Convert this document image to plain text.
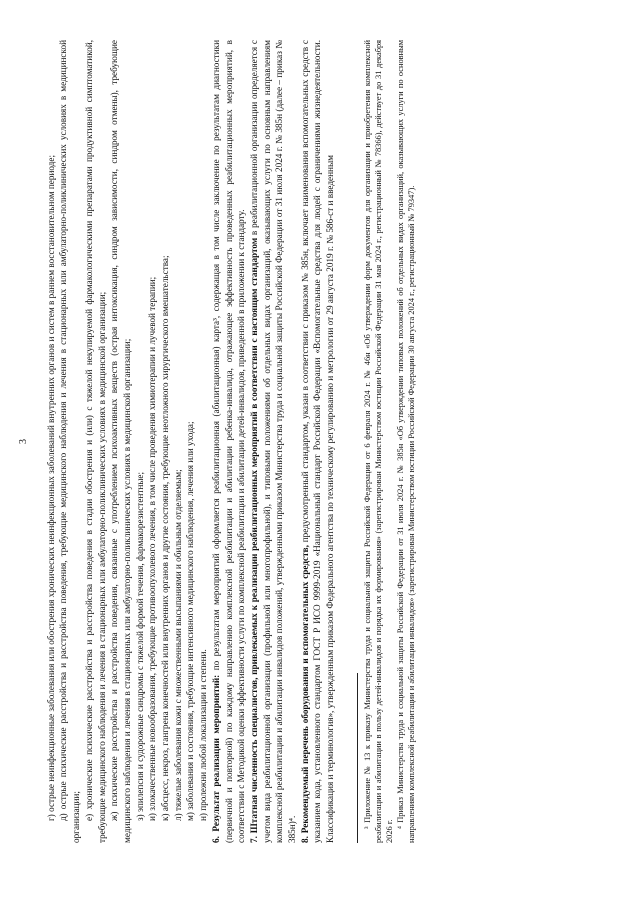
3 г) острые неинфекционные заболевания или обострения хронических неинфекционных заболеваний внутренних органов и систем в раннем восстановительном периоде; д) острые психические расстройства и расстройства поведения, требующие медицинского наблюдения и лечения в стационарных или амбулаторно-поликлинических условиях в медицинской организации; е) хронические психические расстройства и расстройства поведения в стадии обострения и (или) с тяжелой некупируемой фармакологическими препаратами продуктивной симптоматикой, требующие медицинского наблюдения и лечения в стационарных или амбулаторно-поликлинических условиях в медицинской организации; ж) психические расстройства и расстройства поведения, связанные с употреблением психоактивных веществ (острая интоксикация, синдром зависимости, синдром отмены), требующие медицинского наблюдения и лечения в стационарных или амбулаторно-поликлинических условиях в медицинской организации; з) эпилепсия и судорожные синдромы с тяжелой формой течения, фармакорезистентные; и) злокачественные новообразования, требующие противоопухолевого лечения, в том числе проведения химиотерапии и лучевой терапии; к) абсцесс, некроз, гангрена конечностей или внутренних органов и другие состояния, требующие неотложного хирургического вмешательства; л) тяжелые заболевания кожи с множественными высыпаниями и обильным отделяемым; м) заболевания и состояния, требующие интенсивного медицинского наблюдения, лечения или ухода; н) пролежни любой локализации и степени. 6. Результат реализации мероприятий: по результатам мероприятий оформляется реабилитационная (абилитационная) карта³, содержащая в том числе заключение по результатам диагностики (первичной и повторной) по каждому направлению комплексной реабилитации и абилитации ребенка-инвалида, отражающее эффективность проведенных реабилитационных мероприятий, в соответствии с Методикой оценки эффективности услуги по комплексной реабилитации и абилитации детей-инвалидов, приведенной в приложении к стандарту. 7. Штатная численность специалистов, привлекаемых к реализации реабилитационных мероприятий в соответствии с настоящим стандартом в реабилитационной организации определяется с учетом вида реабилитационной организации (профильной или многопрофильной), и типовыми положениями об отдельных видах организаций, оказывающих услуги по основным направлениям комплексной реабилитации и абилитации инвалидов положений, утвержденными приказом Министерства труда и социальной защиты Российской Федерации от 31 июля 2024 г. № 385н (далее – приказ № 385н)⁴. 8. Рекомендуемый перечень оборудования и вспомогательных средств, предусмотренный стандартом, указан в соответствии с приказом № 385н, включает наименования вспомогательных средств с указанием кода, установленного стандартом ГОСТ Р ИСО 9999-2019 «Национальный стандарт Российской Федерации «Вспомогательные средства для людей с ограничениями жизнедеятельности. Классификация и терминология», утвержденным приказом Федерального агентства по техническому регулированию и метрологии от 29 августа 2019 г. № 586-ст и введенным	³ Приложение № 13 к приказу Министерства труда и социальной защиты Российской Федерации от 6 февраля 2024 г. № 46н «Об утверждении форм документов для организации и приобретения комплексной реабилитации и абилитации в пользу детей-инвалидов и порядка их формирования» (зарегистрирован Министерством юстиции Российской Федерации 31 мая 2024 г., регистрационный № 78366), действует до 31 декабря 2026 г.

⁴ Приказ Министерства труда и социальной защиты Российской Федерации от 31 июля 2024 г. № 385н «Об утверждении типовых положений об отдельных видах организаций, оказывающих услуги по основным направлениям комплексной реабилитации и абилитации инвалидов» (зарегистрирован Министерством юстиции Российской Федерации 30 августа 2024 г., регистрационный № 79347).
